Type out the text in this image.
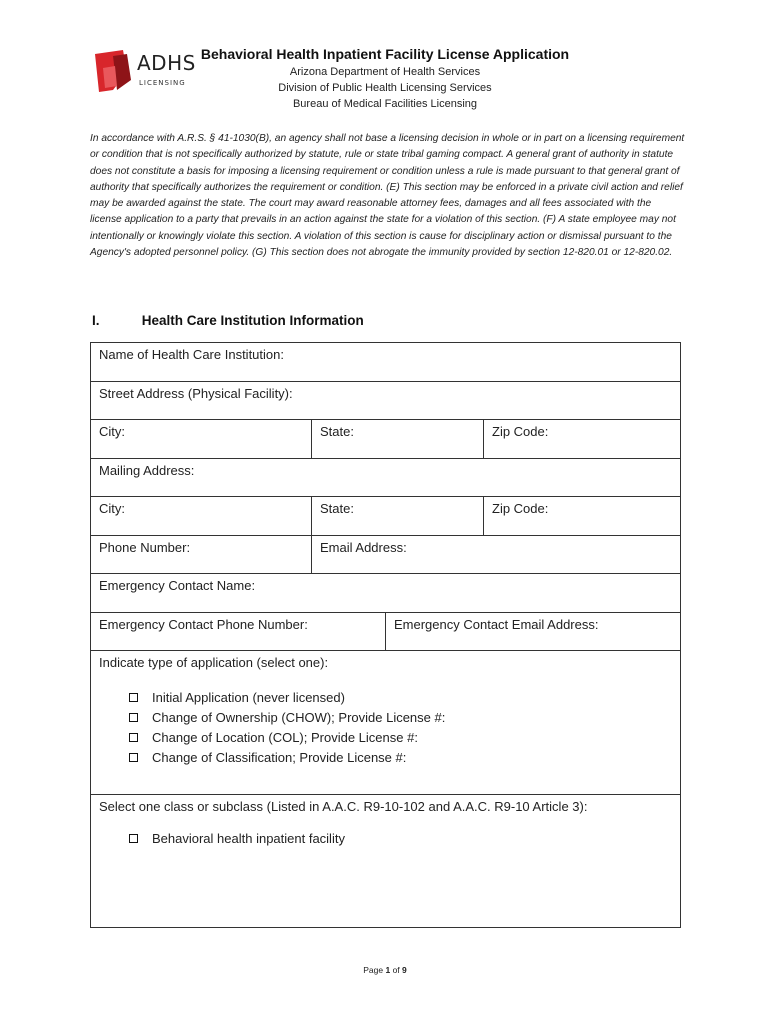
ADHS
LICENSING
Behavioral Health Inpatient Facility License Application
Arizona Department of Health Services
Division of Public Health Licensing Services
Bureau of Medical Facilities Licensing
In accordance with A.R.S. § 41-1030(B), an agency shall not base a licensing decision in whole or in part on a licensing requirement or condition that is not specifically authorized by statute, rule or state tribal gaming compact. A general grant of authority in statute does not constitute a basis for imposing a licensing requirement or condition unless a rule is made pursuant to that general grant of authority that specifically authorizes the requirement or condition. (E) This section may be enforced in a private civil action and relief may be awarded against the state. The court may award reasonable attorney fees, damages and all fees associated with the license application to a party that prevails in an action against the state for a violation of this section. (F) A state employee may not intentionally or knowingly violate this section. A violation of this section is cause for disciplinary action or dismissal pursuant to the Agency's adopted personnel policy. (G) This section does not abrogate the immunity provided by section 12-820.01 or 12-820.02.
I.	Health Care Institution Information
Name of Health Care Institution:
Street Address (Physical Facility):
City:	State:	Zip Code:
Mailing Address:
City:	State:	Zip Code:
Phone Number:	Email Address:
Emergency Contact Name:
Emergency Contact Phone Number:	Emergency Contact Email Address:
Indicate type of application (select one):
Initial Application (never licensed)
Change of Ownership (CHOW); Provide License #:
Change of Location (COL); Provide License #:
Change of Classification; Provide License #:
Select one class or subclass (Listed in A.A.C. R9-10-102 and A.A.C. R9-10 Article 3):
Behavioral health inpatient facility
Page 1 of 9
